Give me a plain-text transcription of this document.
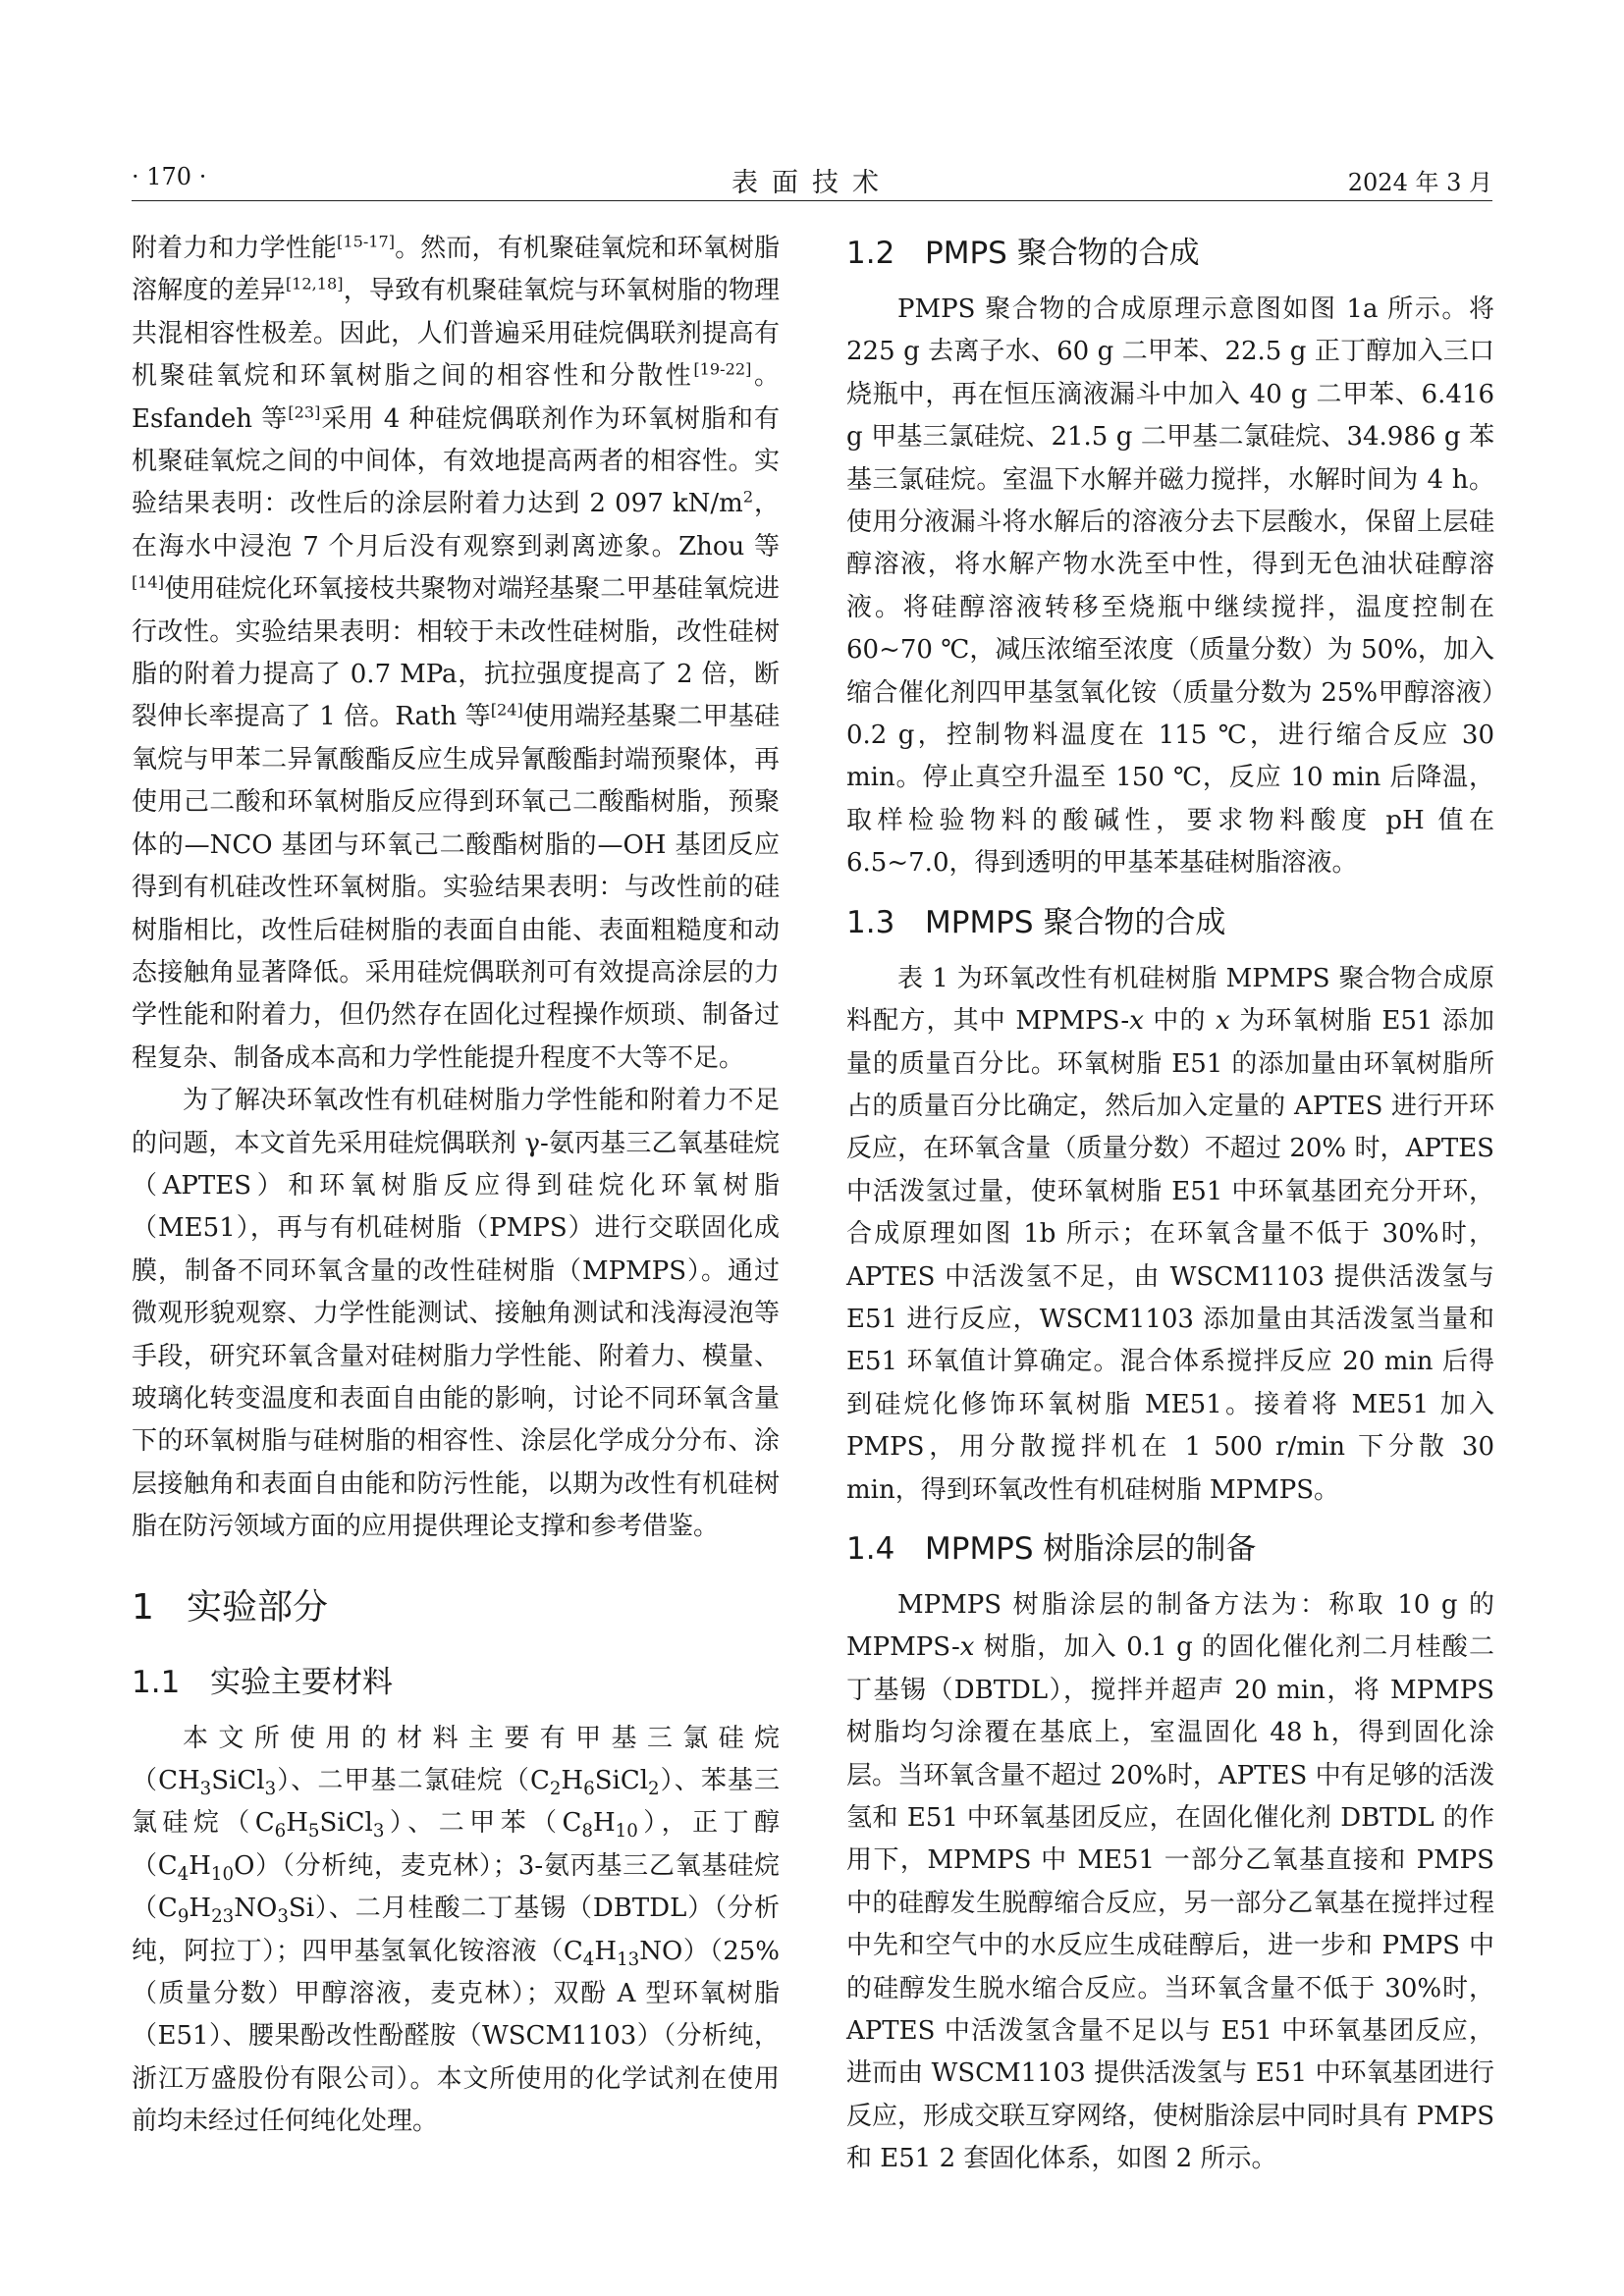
· 170 ·	表面技术	2024 年 3 月

附着力和力学性能[15-17]。然而，有机聚硅氧烷和环氧树脂溶解度的差异[12,18]，导致有机聚硅氧烷与环氧树脂的物理共混相容性极差。因此，人们普遍采用硅烷偶联剂提高有机聚硅氧烷和环氧树脂之间的相容性和分散性[19-22]。Esfandeh 等[23]采用 4 种硅烷偶联剂作为环氧树脂和有机聚硅氧烷之间的中间体，有效地提高两者的相容性。实验结果表明：改性后的涂层附着力达到 2 097 $kN/m^2$，在海水中浸泡 7 个月后没有观察到剥离迹象。Zhou 等[14]使用硅烷化环氧接枝共聚物对端羟基聚二甲基硅氧烷进行改性。实验结果表明：相较于未改性硅树脂，改性硅树脂的附着力提高了 0.7 MPa，抗拉强度提高了 2 倍，断裂伸长率提高了 1 倍。Rath 等[24]使用端羟基聚二甲基硅氧烷与甲苯二异氰酸酯反应生成异氰酸酯封端预聚体，再使用己二酸和环氧树脂反应得到环氧己二酸酯树脂，预聚体的—NCO 基团与环氧己二酸酯树脂的—OH 基团反应得到有机硅改性环氧树脂。实验结果表明：与改性前的硅树脂相比，改性后硅树脂的表面自由能、表面粗糙度和动态接触角显著降低。采用硅烷偶联剂可有效提高涂层的力学性能和附着力，但仍然存在固化过程操作烦琐、制备过程复杂、制备成本高和力学性能提升程度不大等不足。

为了解决环氧改性有机硅树脂力学性能和附着力不足的问题，本文首先采用硅烷偶联剂 γ-氨丙基三乙氧基硅烷（APTES）和环氧树脂反应得到硅烷化环氧树脂（ME51），再与有机硅树脂（PMPS）进行交联固化成膜，制备不同环氧含量的改性硅树脂（MPMPS）。通过微观形貌观察、力学性能测试、接触角测试和浅海浸泡等手段，研究环氧含量对硅树脂力学性能、附着力、模量、玻璃化转变温度和表面自由能的影响，讨论不同环氧含量下的环氧树脂与硅树脂的相容性、涂层化学成分分布、涂层接触角和表面自由能和防污性能，以期为改性有机硅树脂在防污领域方面的应用提供理论支撑和参考借鉴。

1 实验部分
1.1 实验主要材料

本文所使用的材料主要有甲基三氯硅烷$(CH_3SiCl_3)$、二甲基二氯硅烷$(C_2H_6SiCl_2)$、苯基三氯硅烷$(C_6H_5SiCl_3)$、二甲苯$(C_8H_{10})$，正丁醇$(C_4H_{10}O)$（分析纯，麦克林）；3-氨丙基三乙氧基硅烷$(C_9H_{23}NO_3Si)$、二月桂酸二丁基锡（DBTDL）（分析纯，阿拉丁）；四甲基氢氧化铵溶液$(C_4H_{13}NO)(25\%$（质量分数）甲醇溶液，麦克林）；双酚 A 型环氧树脂（E51）、腰果酚改性酚醛胺（WSCM1103）（分析纯，浙江万盛股份有限公司）。本文所使用的化学试剂在使用前均未经过任何纯化处理。

1.2 PMPS 聚合物的合成

PMPS 聚合物的合成原理示意图如图 1a 所示。将 225 g 去离子水、60 g 二甲苯、22.5 g 正丁醇加入三口烧瓶中，再在恒压滴液漏斗中加入 40 g 二甲苯、6.416 g 甲基三氯硅烷、21.5 g 二甲基二氯硅烷、34.986 g 苯基三氯硅烷。室温下水解并磁力搅拌，水解时间为 4 h。使用分液漏斗将水解后的溶液分去下层酸水，保留上层硅醇溶液，将水解产物水洗至中性，得到无色油状硅醇溶液。将硅醇溶液转移至烧瓶中继续搅拌，温度控制在 60~70 ℃，减压浓缩至浓度（质量分数）为 50%，加入缩合催化剂四甲基氢氧化铵（质量分数为 25%甲醇溶液）0.2 g，控制物料温度在 115 ℃，进行缩合反应 30 min。停止真空升温至 150 ℃，反应 10 min 后降温，取样检验物料的酸碱性，要求物料酸度 pH 值在 6.5~7.0，得到透明的甲基苯基硅树脂溶液。

1.3 MPMPS 聚合物的合成

表 1 为环氧改性有机硅树脂 MPMPS 聚合物合成原料配方，其中 MPMPS-x 中的 x 为环氧树脂 E51 添加量的质量百分比。环氧树脂 E51 的添加量由环氧树脂所占的质量百分比确定，然后加入定量的 APTES 进行开环反应，在环氧含量（质量分数）不超过 20% 时，APTES 中活泼氢过量，使环氧树脂 E51 中环氧基团充分开环，合成原理如图 1b 所示；在环氧含量不低于 30%时，APTES 中活泼氢不足，由 WSCM1103 提供活泼氢与 E51 进行反应，WSCM1103 添加量由其活泼氢当量和 E51 环氧值计算确定。混合体系搅拌反应 20 min 后得到硅烷化修饰环氧树脂 ME51。接着将 ME51 加入 PMPS，用分散搅拌机在 1 500 r/min 下分散 30 min，得到环氧改性有机硅树脂 MPMPS。

1.4 MPMPS 树脂涂层的制备

MPMPS 树脂涂层的制备方法为：称取 10 g 的 MPMPS-x 树脂，加入 0.1 g 的固化催化剂二月桂酸二丁基锡（DBTDL），搅拌并超声 20 min，将 MPMPS 树脂均匀涂覆在基底上，室温固化 48 h，得到固化涂层。当环氧含量不超过 20%时，APTES 中有足够的活泼氢和 E51 中环氧基团反应，在固化催化剂 DBTDL 的作用下，MPMPS 中 ME51 一部分乙氧基直接和 PMPS 中的硅醇发生脱醇缩合反应，另一部分乙氧基在搅拌过程中先和空气中的水反应生成硅醇后，进一步和 PMPS 中的硅醇发生脱水缩合反应。当环氧含量不低于 30%时，APTES 中活泼氢含量不足以与 E51 中环氧基团反应，进而由 WSCM1103 提供活泼氢与 E51 中环氧基团进行反应，形成交联互穿网络，使树脂涂层中同时具有 PMPS 和 E51 2 套固化体系，如图 2 所示。
